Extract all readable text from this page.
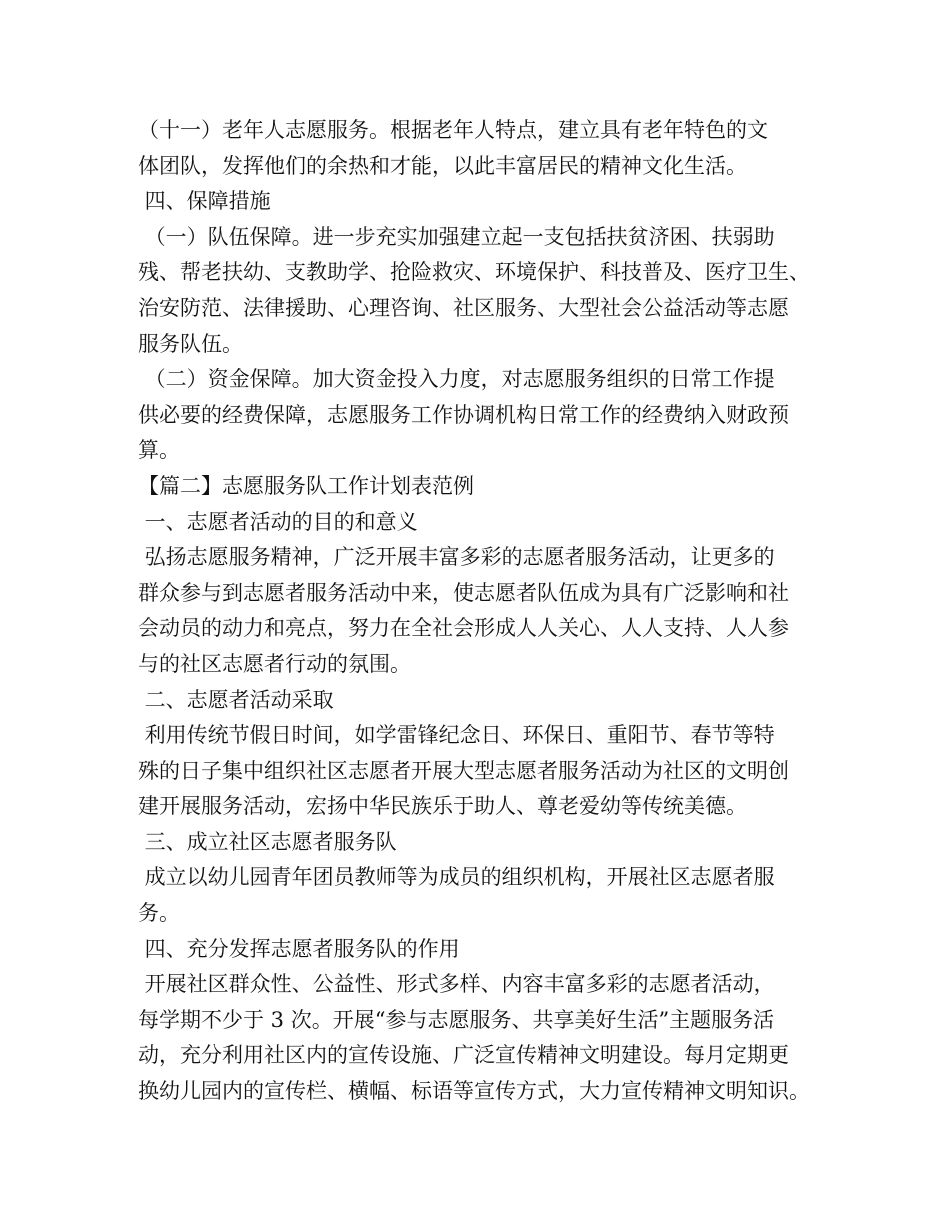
（十一）老年人志愿服务。根据老年人特点，建立具有老年特色的文
体团队，发挥他们的余热和才能，以此丰富居民的精神文化生活。
四、保障措施
（一）队伍保障。进一步充实加强建立起一支包括扶贫济困、扶弱助
残、帮老扶幼、支教助学、抢险救灾、环境保护、科技普及、医疗卫生、
治安防范、法律援助、心理咨询、社区服务、大型社会公益活动等志愿
服务队伍。
（二）资金保障。加大资金投入力度，对志愿服务组织的日常工作提
供必要的经费保障，志愿服务工作协调机构日常工作的经费纳入财政预
算。
【篇二】志愿服务队工作计划表范例
一、志愿者活动的目的和意义
弘扬志愿服务精神，广泛开展丰富多彩的志愿者服务活动，让更多的
群众参与到志愿者服务活动中来，使志愿者队伍成为具有广泛影响和社
会动员的动力和亮点，努力在全社会形成人人关心、人人支持、人人参
与的社区志愿者行动的氛围。
二、志愿者活动采取
利用传统节假日时间，如学雷锋纪念日、环保日、重阳节、春节等特
殊的日子集中组织社区志愿者开展大型志愿者服务活动为社区的文明创
建开展服务活动，宏扬中华民族乐于助人、尊老爱幼等传统美德。
三、成立社区志愿者服务队
成立以幼儿园青年团员教师等为成员的组织机构，开展社区志愿者服
务。
四、充分发挥志愿者服务队的作用
开展社区群众性、公益性、形式多样、内容丰富多彩的志愿者活动，
每学期不少于 3 次。开展“参与志愿服务、共享美好生活”主题服务活
动，充分利用社区内的宣传设施、广泛宣传精神文明建设。每月定期更
换幼儿园内的宣传栏、横幅、标语等宣传方式，大力宣传精神文明知识。
